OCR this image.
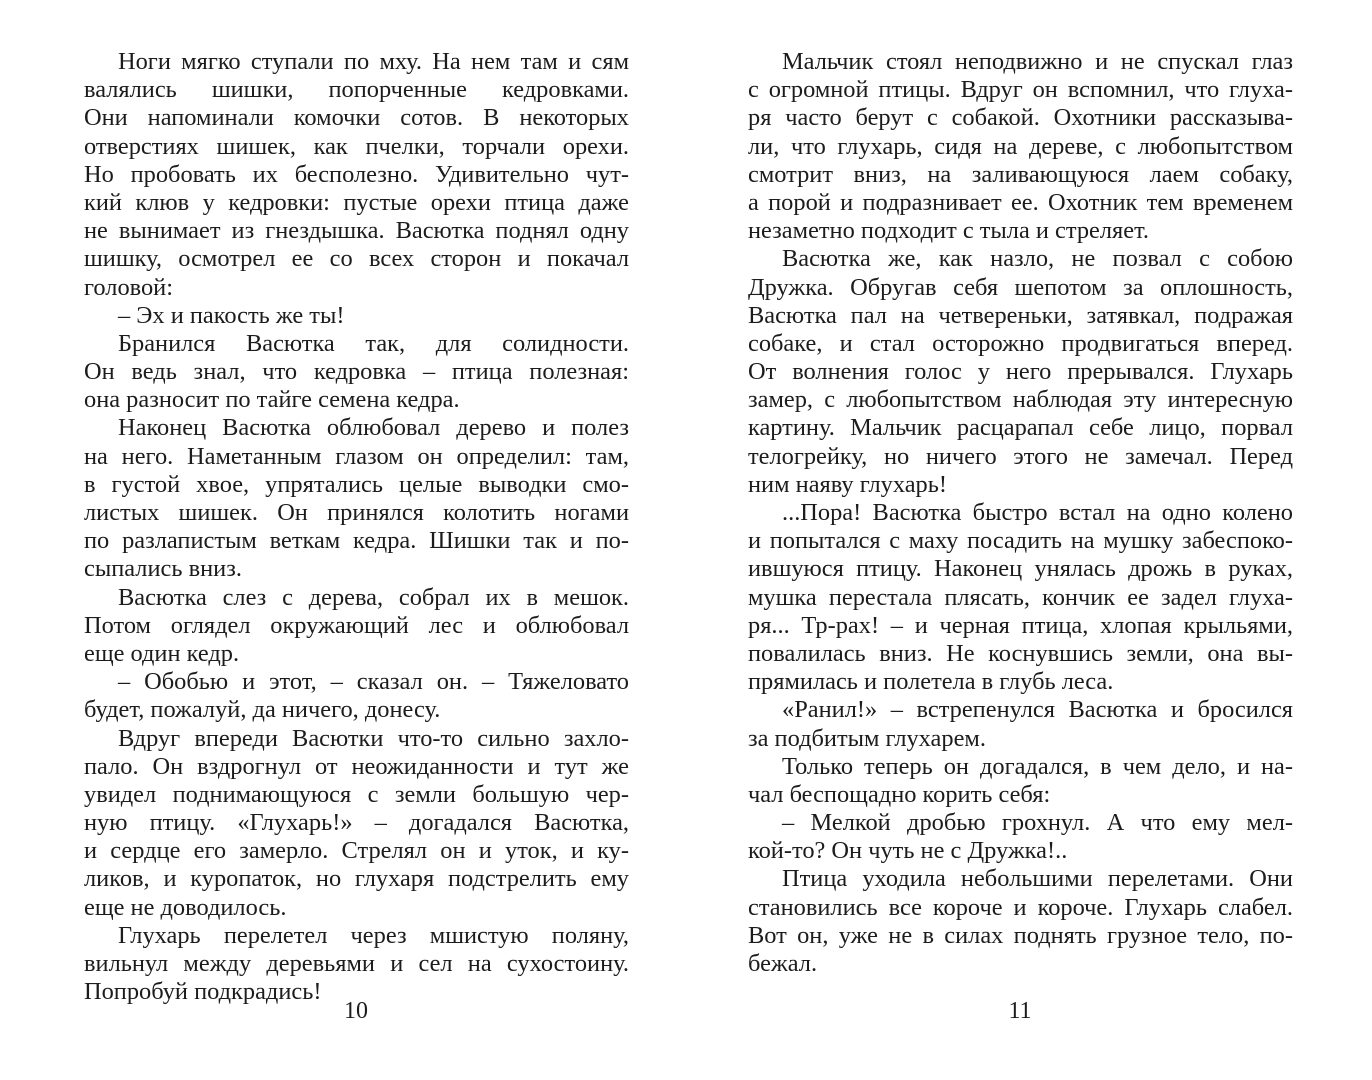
Ноги мягко ступали по мху. На нем там и сям
валялись шишки, попорченные кедровками.
Они напоминали комочки сотов. В некоторых
отверстиях шишек, как пчелки, торчали орехи.
Но пробовать их бесполезно. Удивительно чут-
кий клюв у кедровки: пустые орехи птица даже
не вынимает из гнездышка. Васютка поднял одну
шишку, осмотрел ее со всех сторон и покачал
головой:
– Эх и пакость же ты!
Бранился Васютка так, для солидности.
Он ведь знал, что кедровка – птица полезная:
она разносит по тайге семена кедра.
Наконец Васютка облюбовал дерево и полез
на него. Наметанным глазом он определил: там,
в густой хвое, упрятались целые выводки смо-
листых шишек. Он принялся колотить ногами
по разлапистым веткам кедра. Шишки так и по-
сыпались вниз.
Васютка слез с дерева, собрал их в мешок.
Потом оглядел окружающий лес и облюбовал
еще один кедр.
– Обобью и этот, – сказал он. – Тяжеловато
будет, пожалуй, да ничего, донесу.
Вдруг впереди Васютки что-то сильно захло-
пало. Он вздрогнул от неожиданности и тут же
увидел поднимающуюся с земли большую чер-
ную птицу. «Глухарь!» – догадался Васютка,
и сердце его замерло. Стрелял он и уток, и ку-
ликов, и куропаток, но глухаря подстрелить ему
еще не доводилось.
Глухарь перелетел через мшистую поляну,
вильнул между деревьями и сел на сухостоину.
Попробуй подкрадись!
Мальчик стоял неподвижно и не спускал глаз
с огромной птицы. Вдруг он вспомнил, что глуха-
ря часто берут с собакой. Охотники рассказыва-
ли, что глухарь, сидя на дереве, с любопытством
смотрит вниз, на заливающуюся лаем собаку,
а порой и подразнивает ее. Охотник тем временем
незаметно подходит с тыла и стреляет.
Васютка же, как назло, не позвал с собою
Дружка. Обругав себя шепотом за оплошность,
Васютка пал на четвереньки, затявкал, подражая
собаке, и стал осторожно продвигаться вперед.
От волнения голос у него прерывался. Глухарь
замер, с любопытством наблюдая эту интересную
картину. Мальчик расцарапал себе лицо, порвал
телогрейку, но ничего этого не замечал. Перед
ним наяву глухарь!
...Пора! Васютка быстро встал на одно колено
и попытался с маху посадить на мушку забеспоко-
ившуюся птицу. Наконец унялась дрожь в руках,
мушка перестала плясать, кончик ее задел глуха-
ря... Тр-рах! – и черная птица, хлопая крыльями,
повалилась вниз. Не коснувшись земли, она вы-
прямилась и полетела в глубь леса.
«Ранил!» – встрепенулся Васютка и бросился
за подбитым глухарем.
Только теперь он догадался, в чем дело, и на-
чал беспощадно корить себя:
– Мелкой дробью грохнул. А что ему мел-
кой-то? Он чуть не с Дружка!..
Птица уходила небольшими перелетами. Они
становились все короче и короче. Глухарь слабел.
Вот он, уже не в силах поднять грузное тело, по-
бежал.
10	11
